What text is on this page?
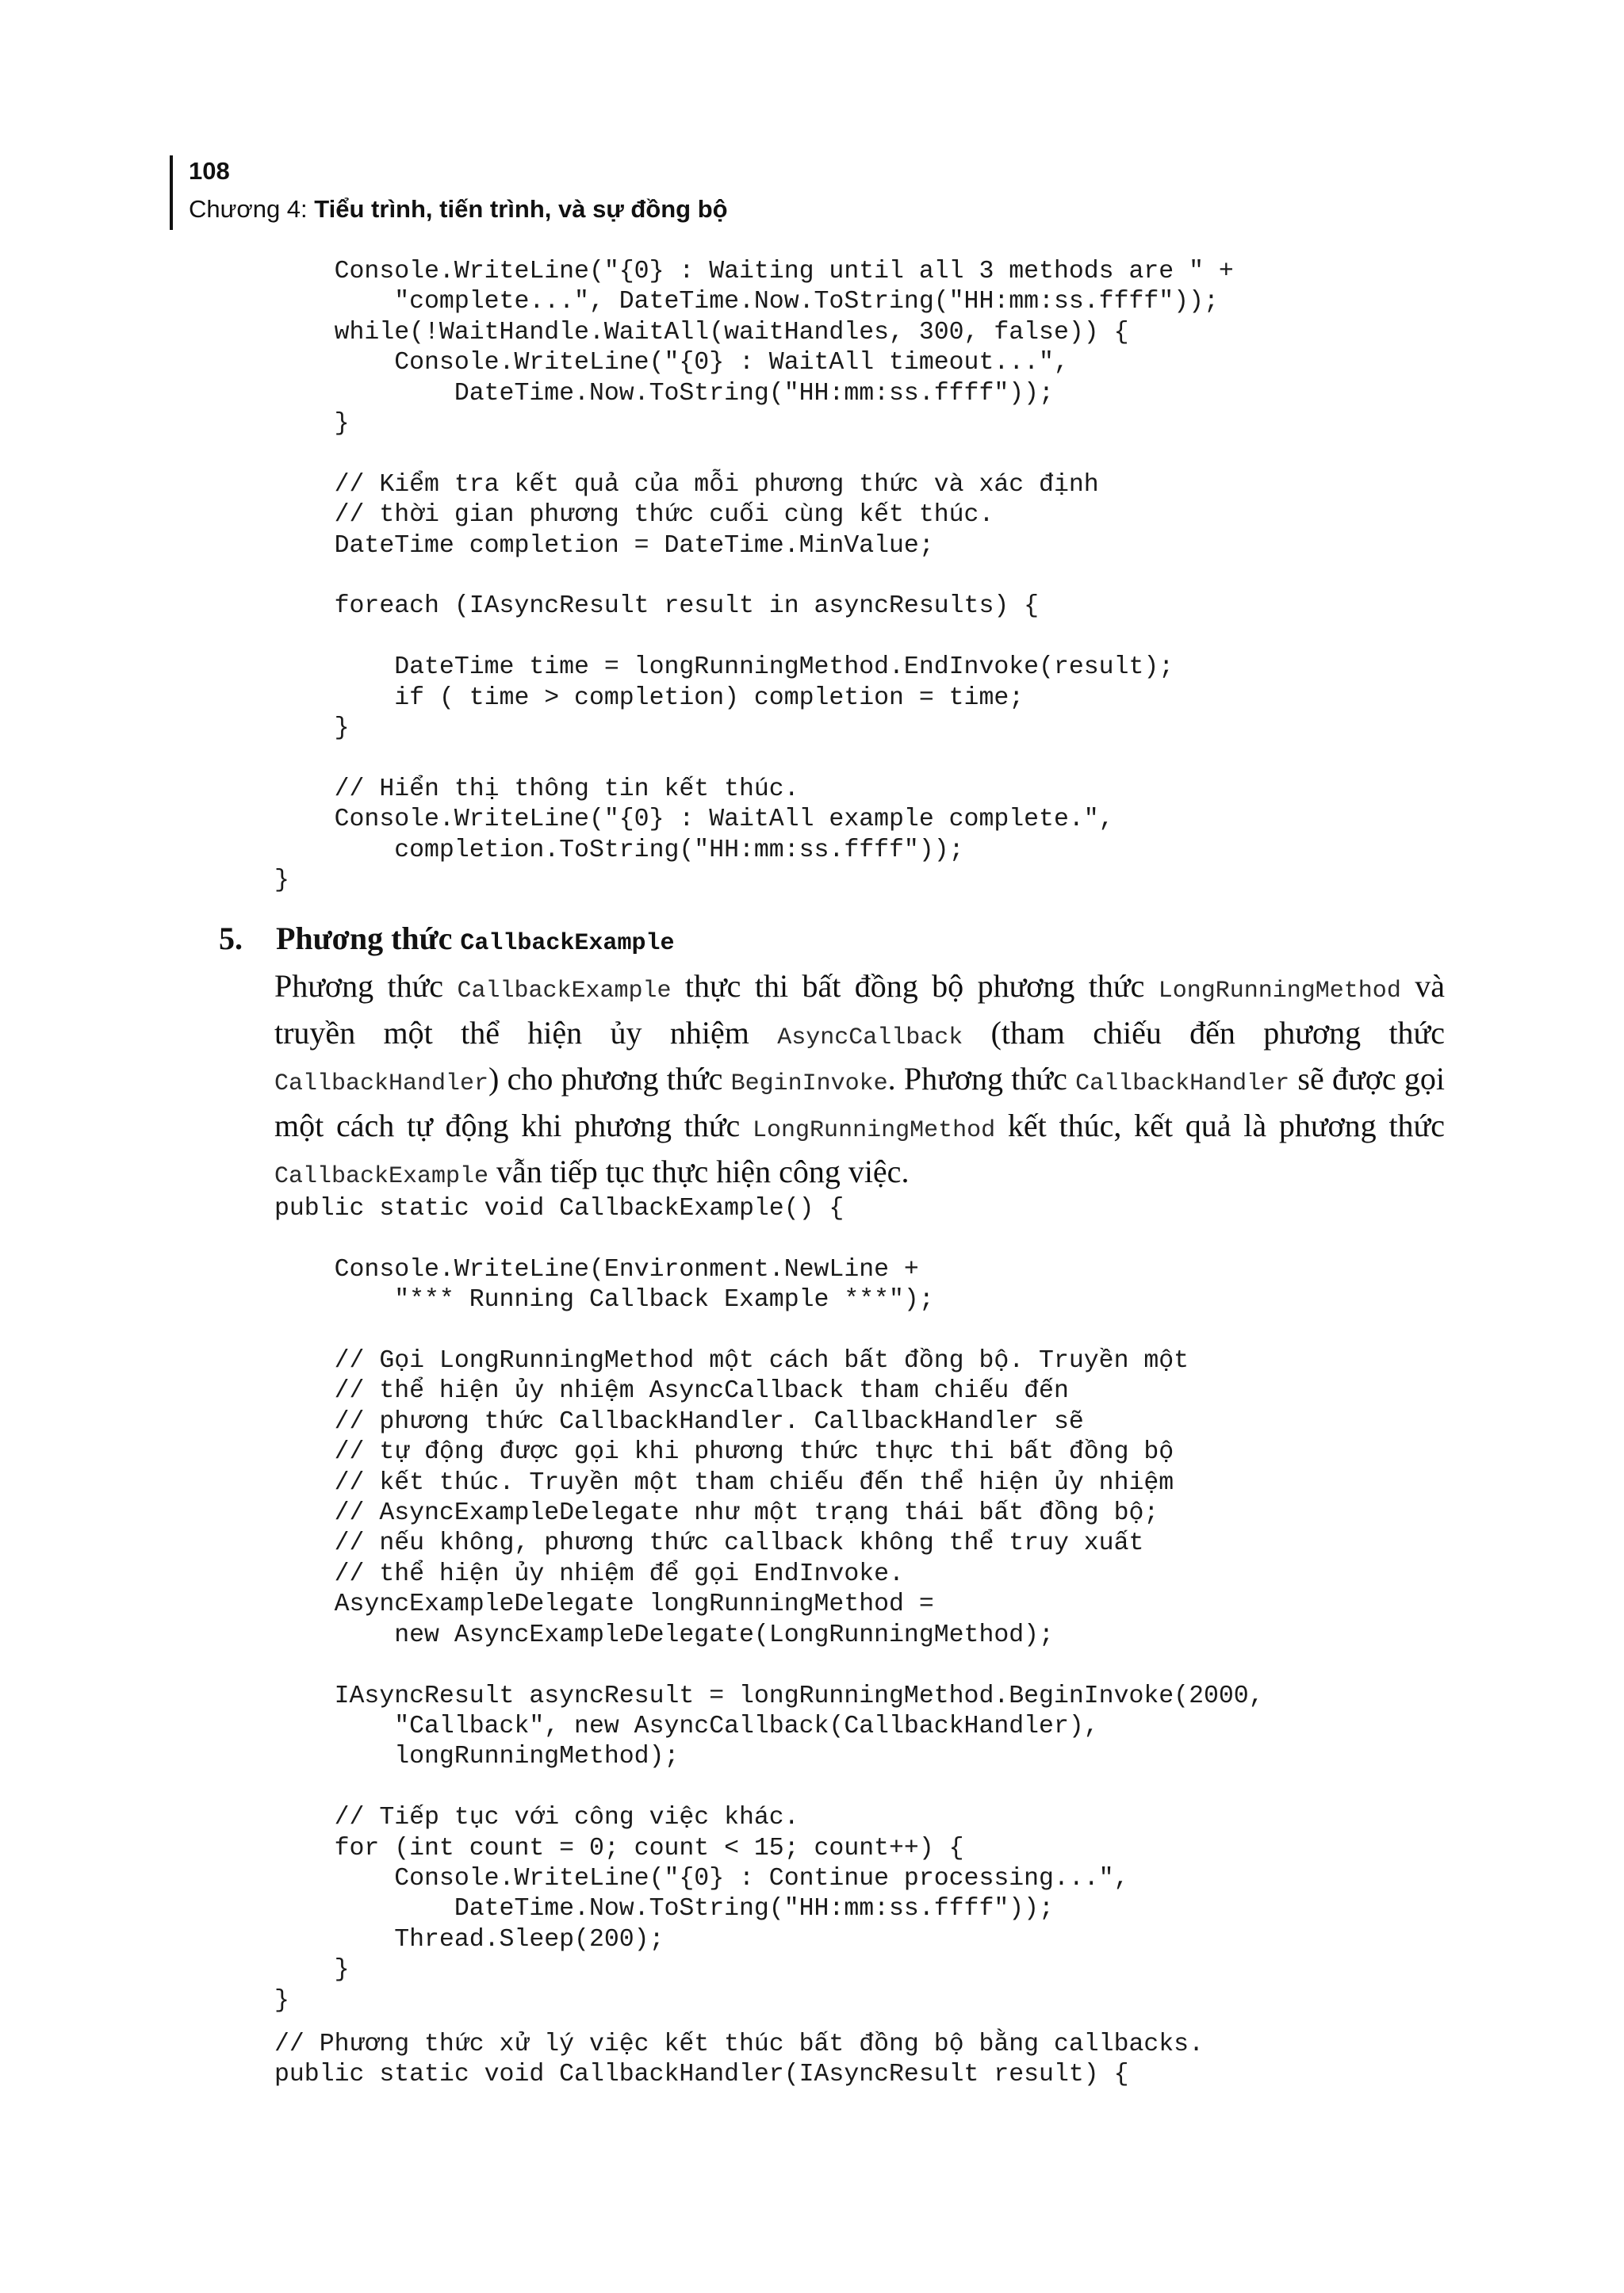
108

Chương 4: Tiểu trình, tiến trình, và sự đồng bộ

Console.WriteLine("{0} : Waiting until all 3 methods are " +
"complete...", DateTime.Now.ToString("HH:mm:ss.ffff"));
while(!WaitHandle.WaitAll(waitHandles, 300, false)) {
Console.WriteLine("{0} : WaitAll timeout...",
DateTime.Now.ToString("HH:mm:ss.ffff"));
}

// Kiểm tra kết quả của mỗi phương thức và xác định
// thời gian phương thức cuối cùng kết thúc.
DateTime completion = DateTime.MinValue;

foreach (IAsyncResult result in asyncResults) {

DateTime time = longRunningMethod.EndInvoke(result);
if ( time > completion) completion = time;
}

// Hiển thị thông tin kết thúc.
Console.WriteLine("{0} : WaitAll example complete.",
completion.ToString("HH:mm:ss.ffff"));
}
5. Phương thức CallbackExample

Phương thức CallbackExample thực thi bất đồng bộ phương thức LongRunningMethod và truyền một thể hiện ủy nhiệm AsyncCallback (tham chiếu đến phương thức CallbackHandler) cho phương thức BeginInvoke. Phương thức CallbackHandler sẽ được gọi một cách tự động khi phương thức LongRunningMethod kết thúc, kết quả là phương thức CallbackExample vẫn tiếp tục thực hiện công việc.

public static void CallbackExample() {

Console.WriteLine(Environment.NewLine +
"*** Running Callback Example ***");

// Gọi LongRunningMethod một cách bất đồng bộ. Truyền một
// thể hiện ủy nhiệm AsyncCallback tham chiếu đến
// phương thức CallbackHandler. CallbackHandler sẽ
// tự động được gọi khi phương thức thực thi bất đồng bộ
// kết thúc. Truyền một tham chiếu đến thể hiện ủy nhiệm
// AsyncExampleDelegate như một trạng thái bất đồng bộ;
// nếu không, phương thức callback không thể truy xuất
// thể hiện ủy nhiệm để gọi EndInvoke.
AsyncExampleDelegate longRunningMethod =
new AsyncExampleDelegate(LongRunningMethod);

IAsyncResult asyncResult = longRunningMethod.BeginInvoke(2000,
"Callback", new AsyncCallback(CallbackHandler),
longRunningMethod);

// Tiếp tục với công việc khác.
for (int count = 0; count < 15; count++) {
Console.WriteLine("{0} : Continue processing...",
DateTime.Now.ToString("HH:mm:ss.ffff"));
Thread.Sleep(200);
}
}
// Phương thức xử lý việc kết thúc bất đồng bộ bằng callbacks.
public static void CallbackHandler(IAsyncResult result) {
